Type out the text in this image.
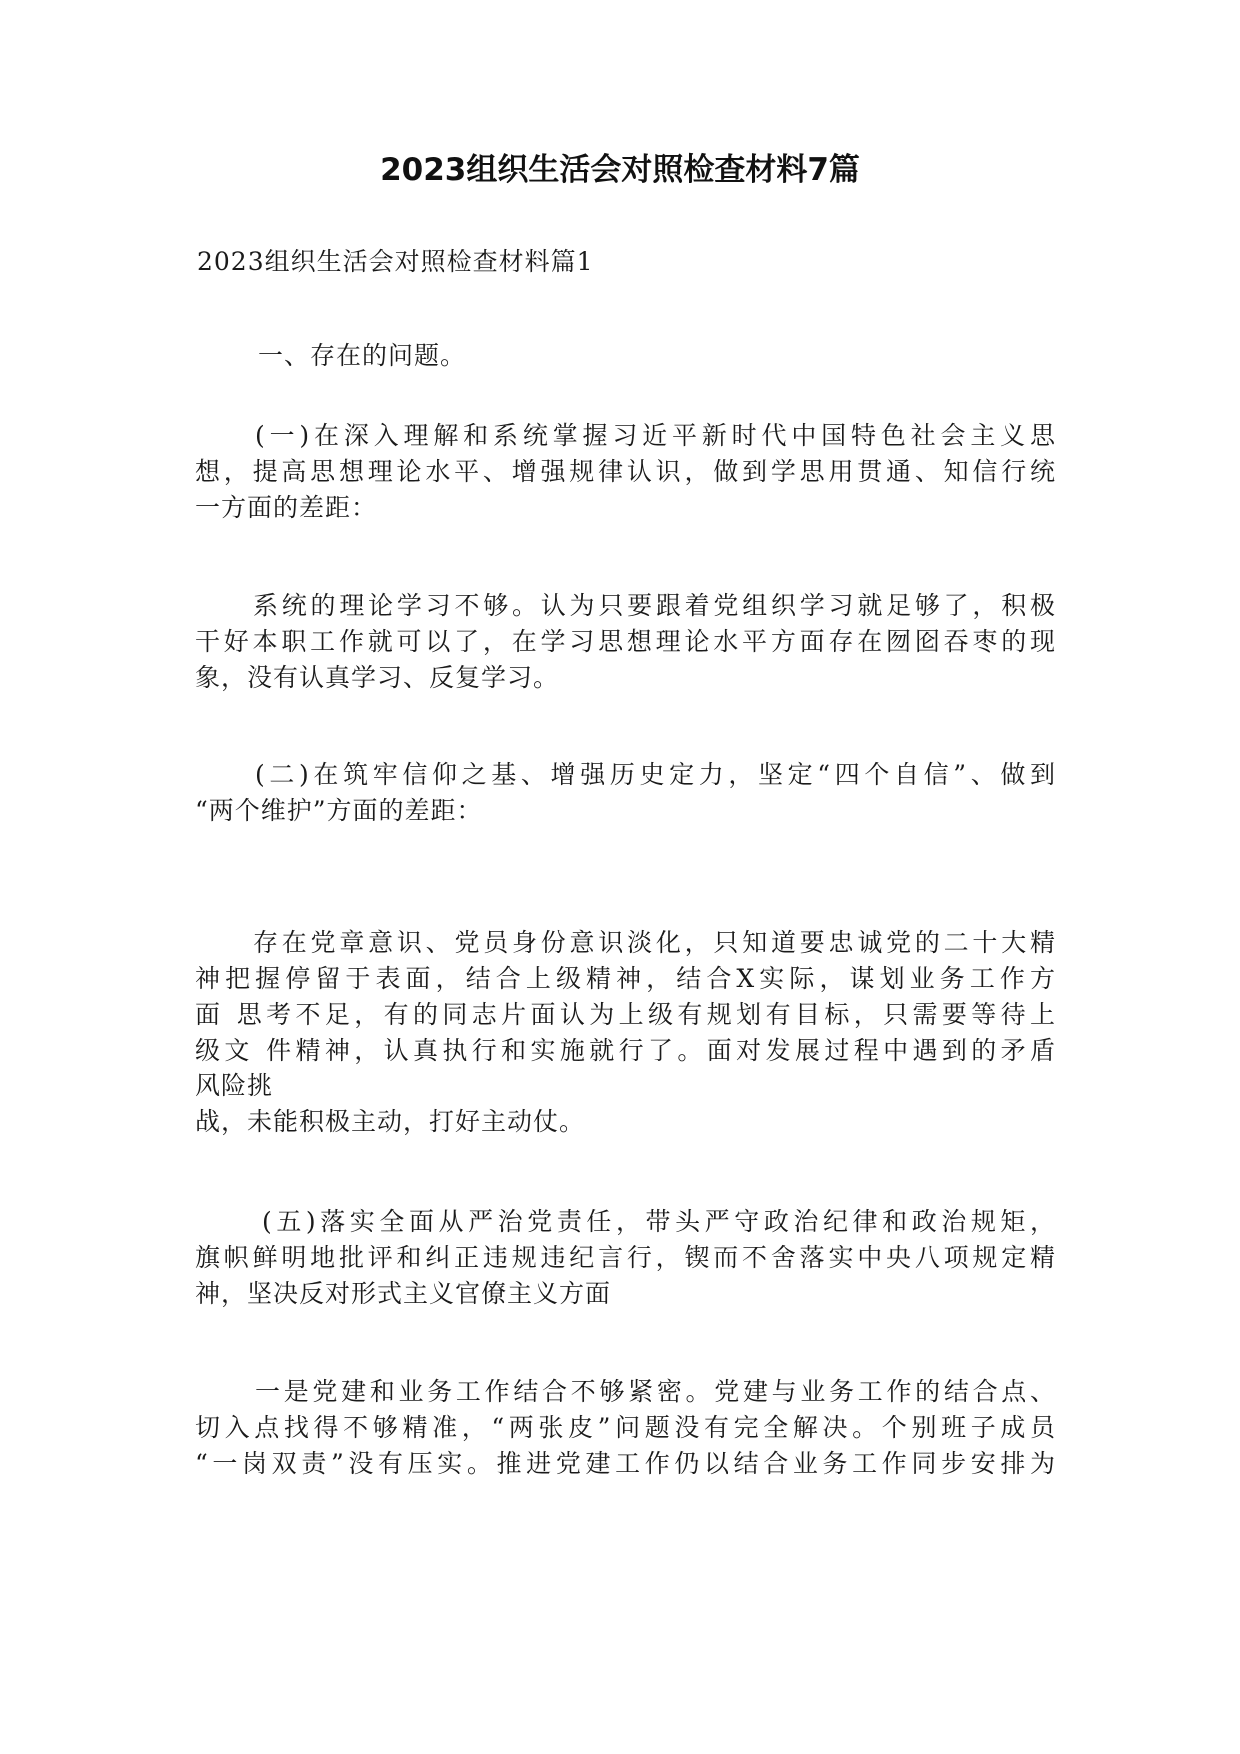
2023组织生活会对照检查材料7篇
2023组织生活会对照检查材料篇1
一、存在的问题。
(一)在深入理解和系统掌握习近平新时代中国特色社会主义思
想，提高思想理论水平、增强规律认识，做到学思用贯通、知信行统
一方面的差距：
系统的理论学习不够。认为只要跟着党组织学习就足够了，积极
干好本职工作就可以了，在学习思想理论水平方面存在囫囵吞枣的现
象，没有认真学习、反复学习。
(二)在筑牢信仰之基、增强历史定力，坚定“四个自信”、做到
“两个维护”方面的差距：
存在党章意识、党员身份意识淡化，只知道要忠诚党的二十大精
神把握停留于表面，结合上级精神，结合X实际，谋划业务工作方
面 思考不足，有的同志片面认为上级有规划有目标，只需要等待上
级文 件精神，认真执行和实施就行了。面对发展过程中遇到的矛盾
风险挑
战，未能积极主动，打好主动仗。
(五)落实全面从严治党责任，带头严守政治纪律和政治规矩，
旗帜鲜明地批评和纠正违规违纪言行，锲而不舍落实中央八项规定精
神，坚决反对形式主义官僚主义方面
一是党建和业务工作结合不够紧密。党建与业务工作的结合点、
切入点找得不够精准，“两张皮”问题没有完全解决。个别班子成员
“一岗双责”没有压实。推进党建工作仍以结合业务工作同步安排为
